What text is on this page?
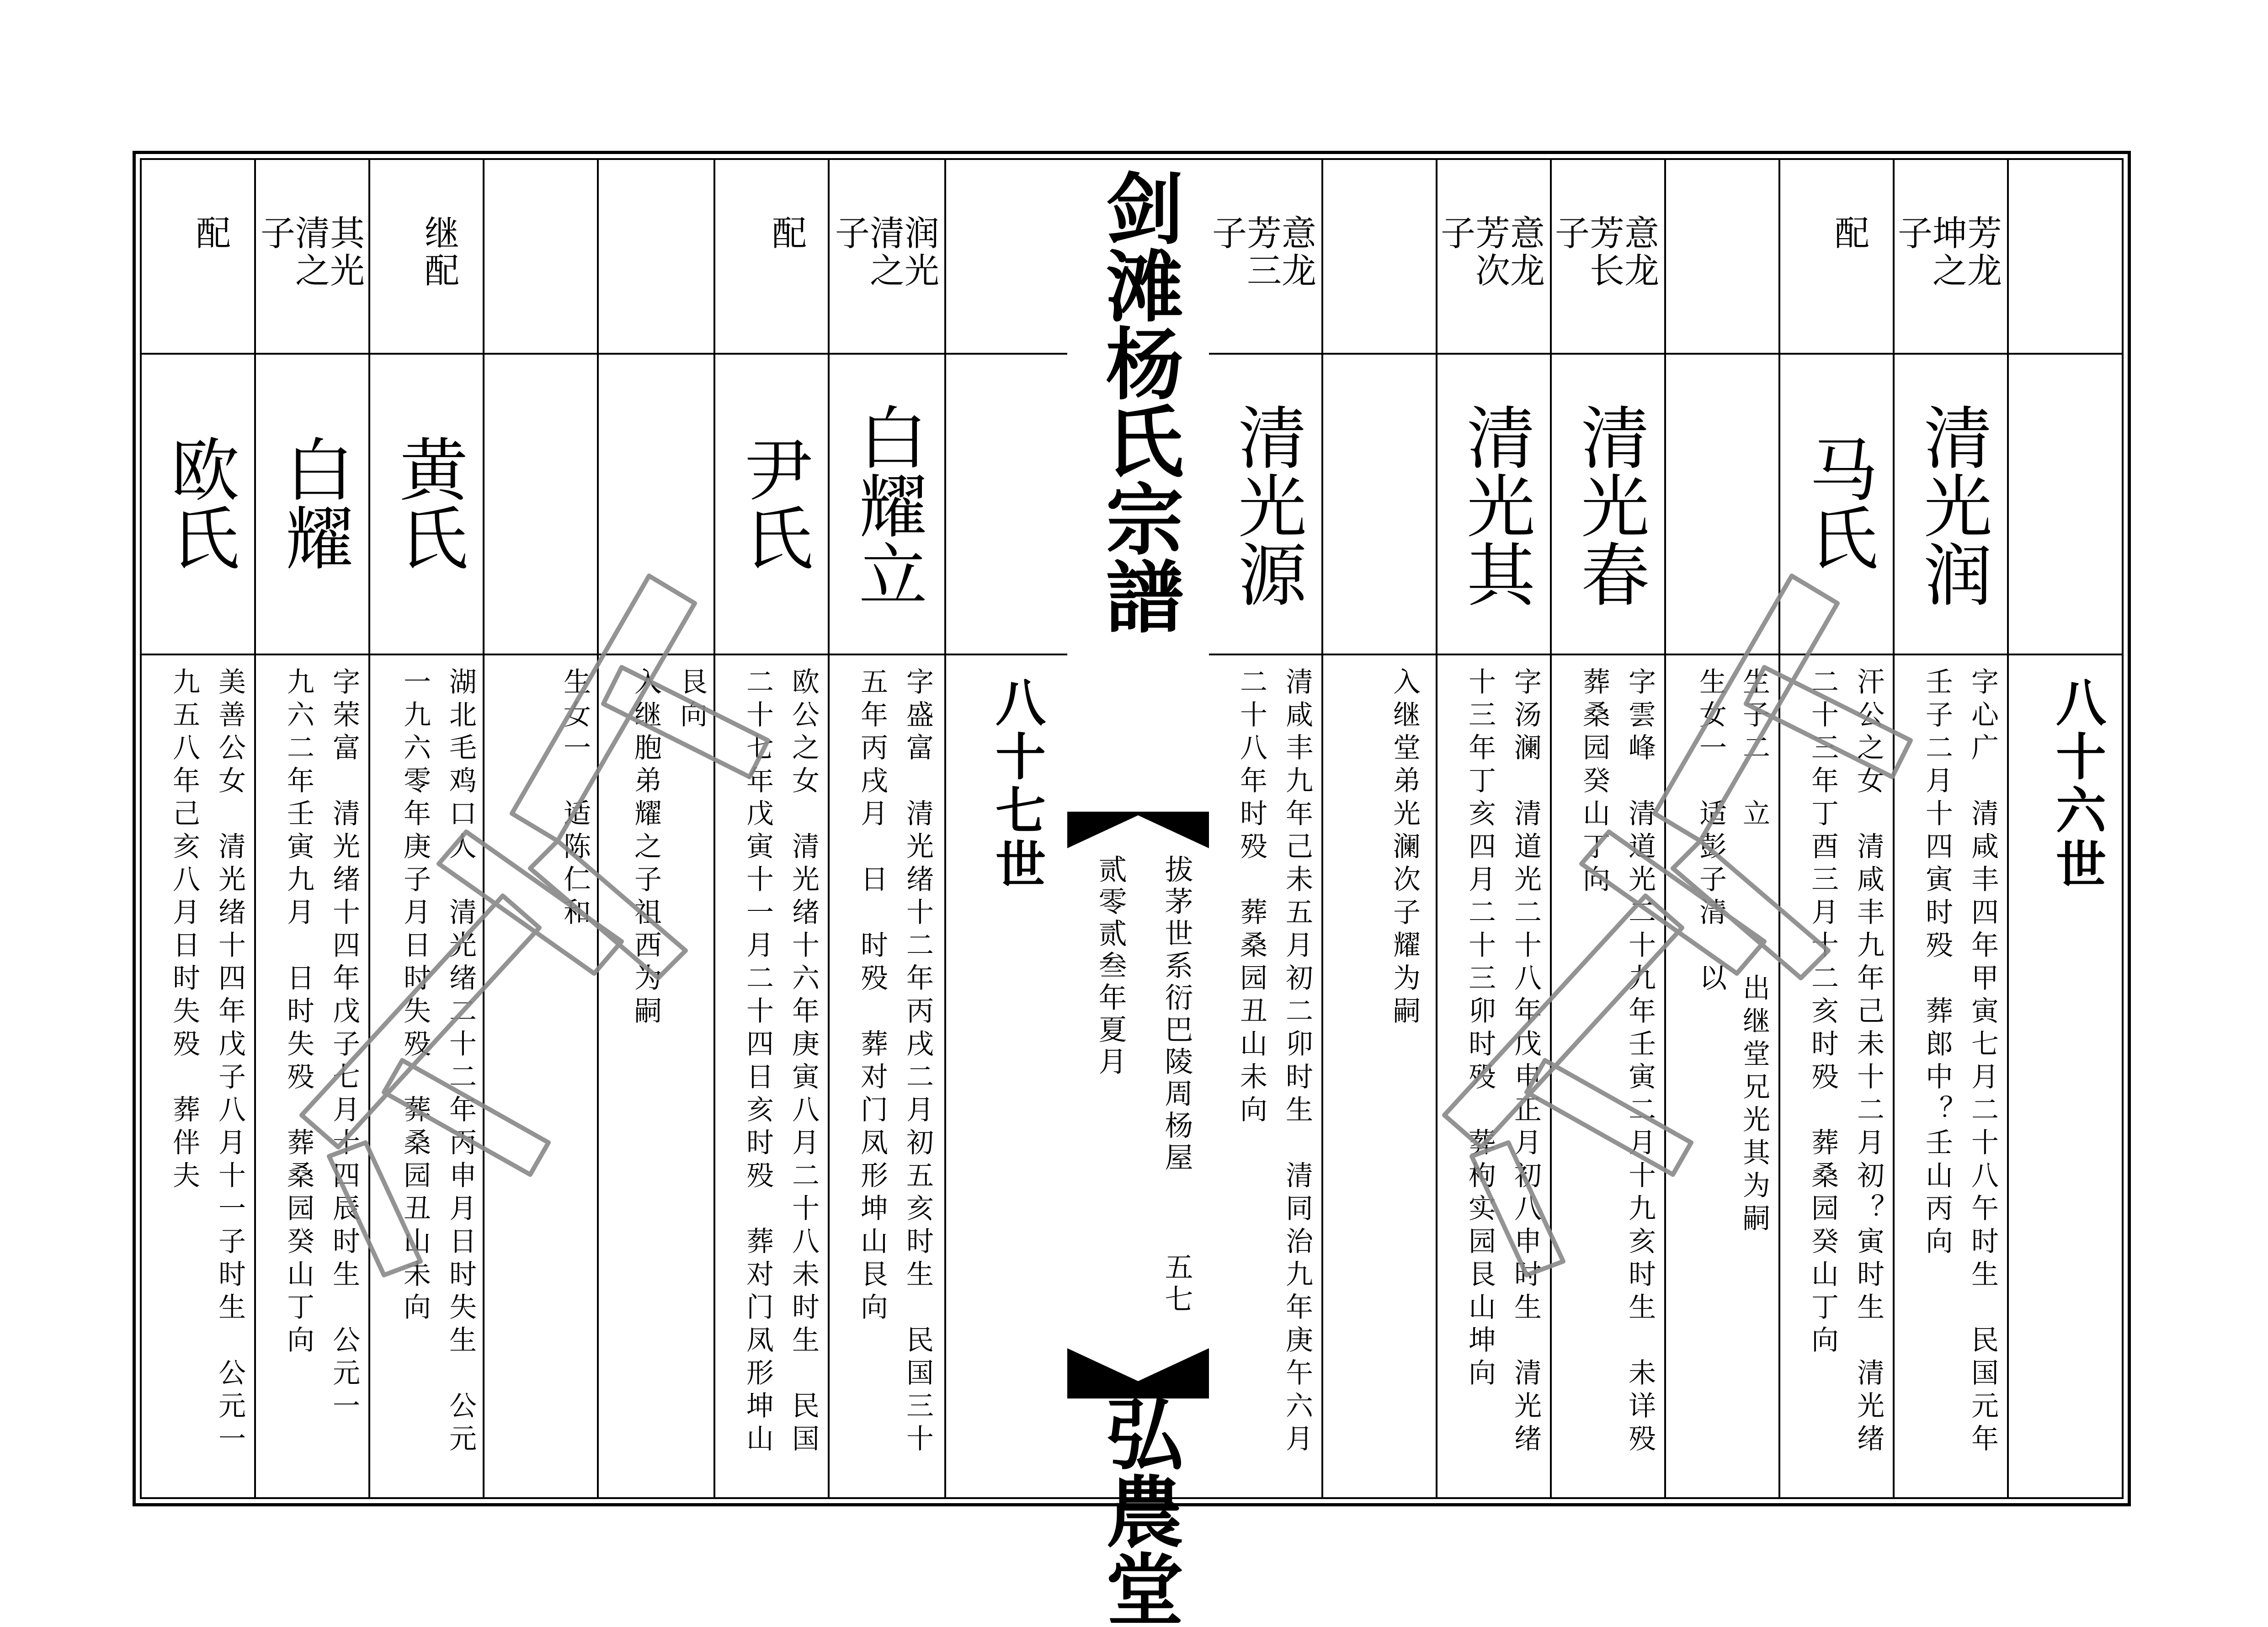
剑滩杨氏宗譜
拔茅世系衍巴陵周杨屋
五七
贰零贰叁年夏月
弘農堂
八十七世	八十六世
子坤芳
之龙
清光润
字心广　清咸丰四年甲寅七月二十八午时生　民国元年
壬子二月十四寅时殁　葬郎中？壬山丙向
配
马氏
汗公之女　清咸丰九年己未十二月初？寅时生　清光绪
二十三年丁酉三月十二亥时殁　葬桑园癸山丁向
生子二　立
生女一　适彭子清　以
出继堂兄光其为嗣
子芳意
长龙
清光春
字雲峰　清道光二十九年壬寅二月十九亥时生　未详殁
葬桑园癸山丁向
子芳意
次龙
清光其
字汤澜　清道光二十八年戊申正月初八申时生　清光绪
十三年丁亥四月二十三卯时殁　葬枸实园艮山坤向
入继堂弟光澜次子耀为嗣
子芳意
三龙
清光源
清咸丰九年己未五月初二卯时生　清同治九年庚午六月
二十八年时殁　葬桑园丑山未向
子清润
之光
白耀立
字盛富　清光绪十二年丙戌二月初五亥时生　民国三十
五年丙戌月　日　时殁　葬对门凤形坤山艮向
配
尹氏
欧公之女　清光绪十六年庚寅八月二十八未时生　民国
二十七年戊寅十一月二十四日亥时殁　葬对门凤形坤山
艮向
入继胞弟耀之子祖西为嗣
生女一　适陈仁和
继
配
黄氏
湖北毛鸡口人　清光绪二十二年丙申月日时失生　公元
一九六零年庚子月日时失殁　葬桑园丑山未向
子清其
之光
白耀
字荣富　清光绪十四年戊子七月十四辰时生　公元一
九六二年壬寅九月　日时失殁　葬桑园癸山丁向
配
欧氏
美善公女　清光绪十四年戊子八月十一子时生　公元一
九五八年己亥八月日时失殁　葬伴夫
